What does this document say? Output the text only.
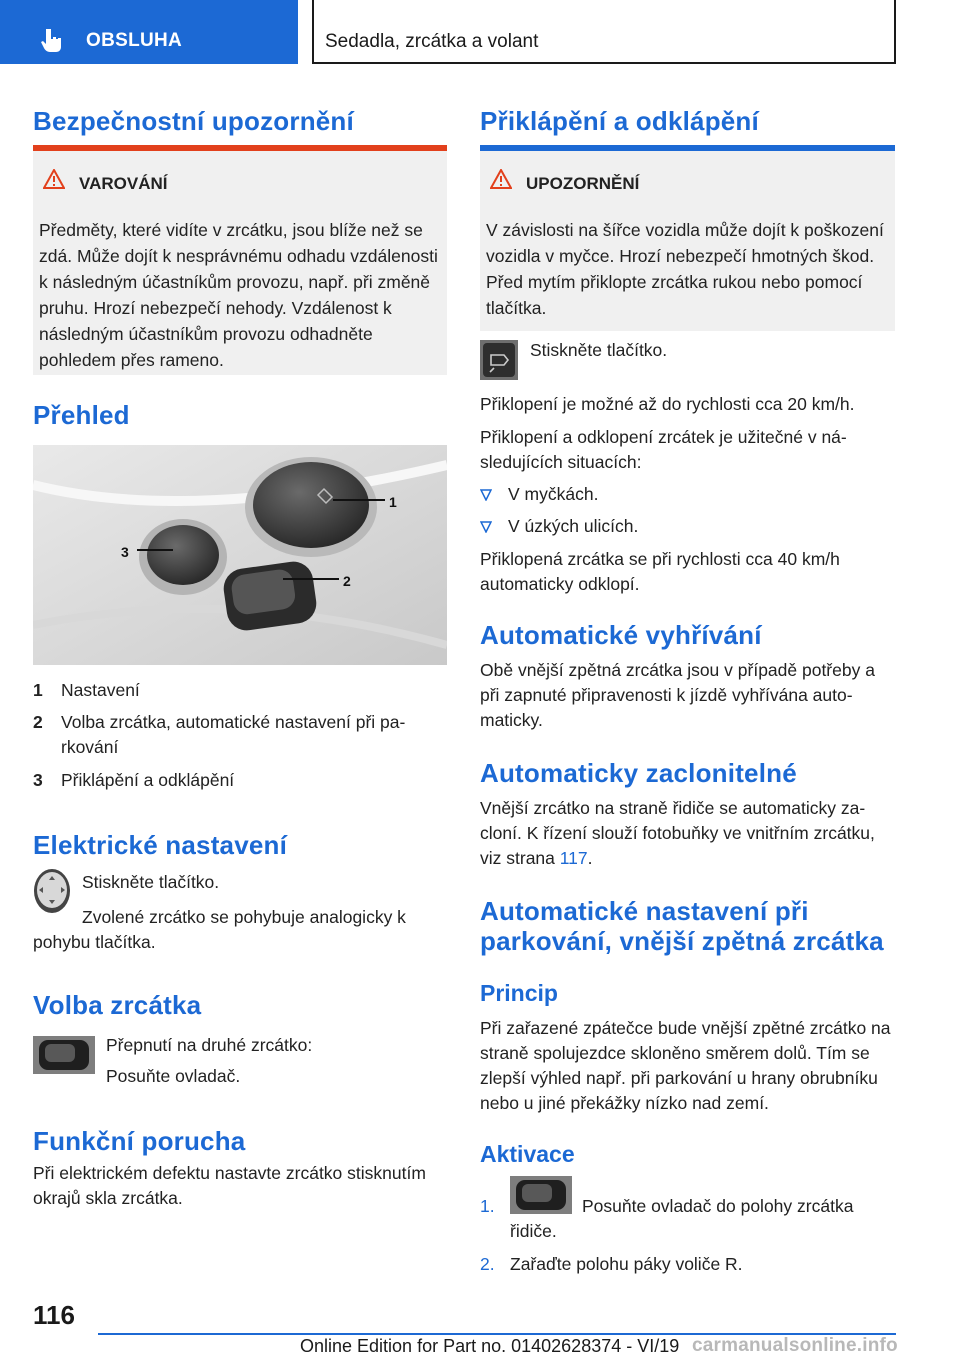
OBSLUHA	Sedadla, zrcátka a volant
Bezpečnostní upozornění
VAROVÁNÍ

Předměty, které vidíte v zrcátku, jsou blíže než se zdá. Může dojít k nesprávnému odhadu vzdálenosti k následným účastníkům provozu, např. při změně pruhu. Hrozí nebezpečí nehody. Vzdálenost k následným účastníkům provozu odhadněte pohledem přes rameno.

Přehled
1
2
3
1 Nastavení
2 Volba zrcátka, automatické nastavení při parkování
3 Přiklápění a odklápění
Elektrické nastavení

Stiskněte tlačítko.

Zvolené zrcátko se pohybuje analogicky k pohybu tlačítka.

Volba zrcátka

Přepnutí na druhé zrcátko:

Posuňte ovladač.

Funkční porucha

Při elektrickém defektu nastavte zrcátko stisknutím okrajů skla zrcátka.

Přiklápění a odklápění
UPOZORNĚNÍ

V závislosti na šířce vozidla může dojít k poškození vozidla v myčce. Hrozí nebezpečí hmotných škod. Před mytím přiklopte zrcátka rukou nebo pomocí tlačítka.

Stiskněte tlačítko.

Přiklopení je možné až do rychlosti cca 20 km/h.

Přiklopení a odklopení zrcátek je užitečné v následujících situacích:

V myčkách.
V úzkých ulicích.

Přiklopená zrcátka se při rychlosti cca 40 km/h automaticky odklopí.

Automatické vyhřívání

Obě vnější zpětná zrcátka jsou v případě potřeby a při zapnuté připravenosti k jízdě vyhřívána automaticky.

Automaticky zaclonitelné

Vnější zrcátko na straně řidiče se automaticky zacloní. K řízení slouží fotobuňky ve vnitřním zrcátku, viz strana 117.

Automatické nastavení při
parkování, vnější zpětná zrcátka
Princip

Při zařazené zpátečce bude vnější zpětné zrcátko na straně spolujezdce skloněno směrem dolů. Tím se zlepší výhled např. při parkování u hrany obrubníku nebo u jiné překážky nízko nad zemí.

Aktivace
1.	Posuňte ovladač do polohy zrcátka řidiče.
2. Zařaďte polohu páky voliče R.
116
Online Edition for Part no. 01402628374 - VI/19 carmanualsonline.info
